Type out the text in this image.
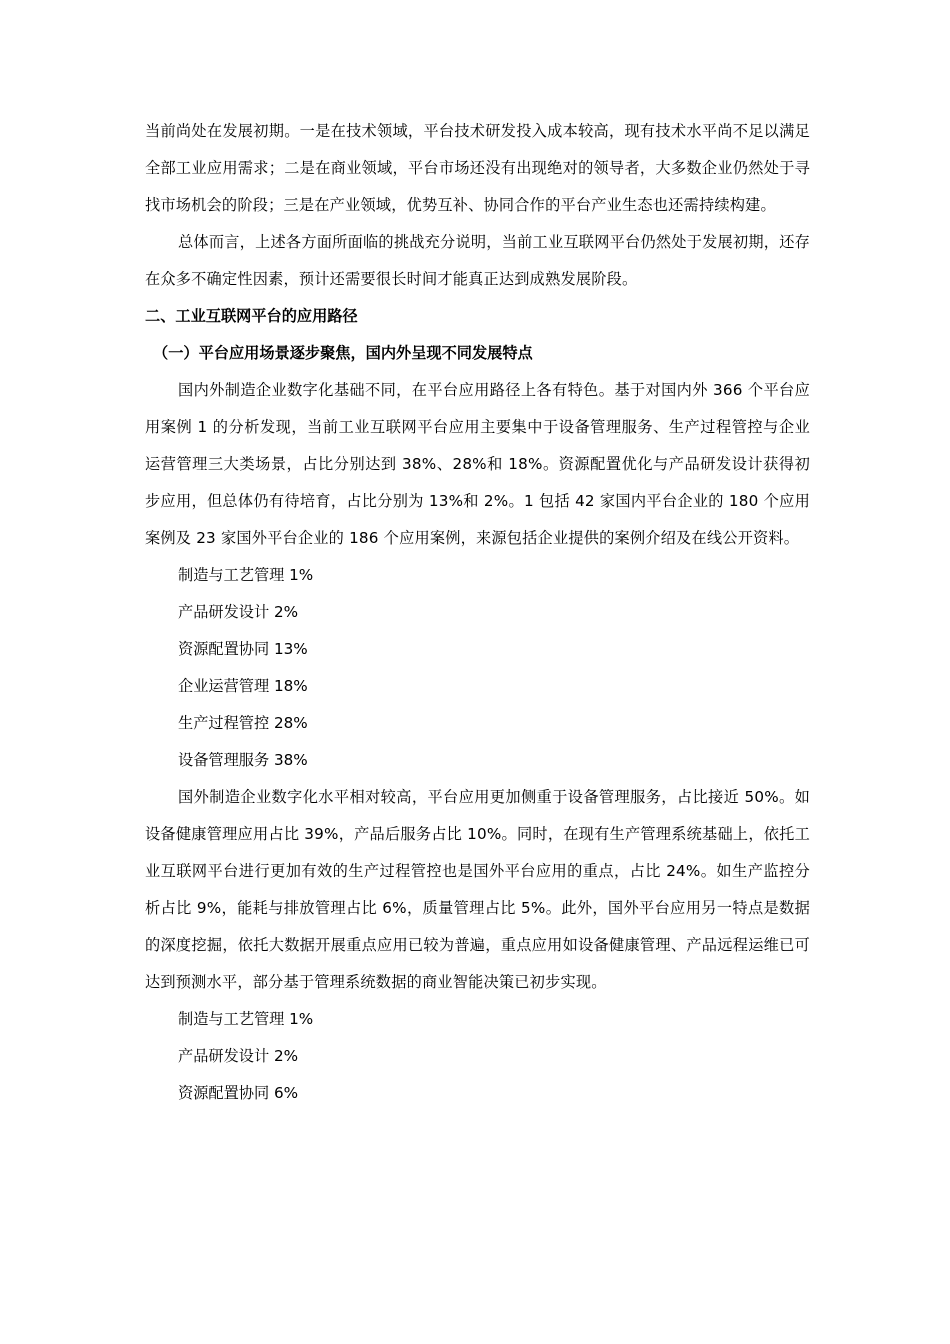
当前尚处在发展初期。一是在技术领域，平台技术研发投入成本较高，现有技术水平尚不足以满足全部工业应用需求；二是在商业领域，平台市场还没有出现绝对的领导者，大多数企业仍然处于寻找市场机会的阶段；三是在产业领域，优势互补、协同合作的平台产业生态也还需持续构建。

总体而言，上述各方面所面临的挑战充分说明，当前工业互联网平台仍然处于发展初期，还存在众多不确定性因素，预计还需要很长时间才能真正达到成熟发展阶段。

二、工业互联网平台的应用路径

（一）平台应用场景逐步聚焦，国内外呈现不同发展特点

国内外制造企业数字化基础不同，在平台应用路径上各有特色。基于对国内外 366 个平台应用案例 1 的分析发现，当前工业互联网平台应用主要集中于设备管理服务、生产过程管控与企业运营管理三大类场景，占比分别达到 38%、28%和 18%。资源配置优化与产品研发设计获得初步应用，但总体仍有待培育，占比分别为 13%和 2%。1 包括 42 家国内平台企业的 180 个应用案例及 23 家国外平台企业的 186 个应用案例，来源包括企业提供的案例介绍及在线公开资料。

制造与工艺管理 1%

产品研发设计 2%

资源配置协同 13%

企业运营管理 18%

生产过程管控 28%

设备管理服务 38%

国外制造企业数字化水平相对较高，平台应用更加侧重于设备管理服务，占比接近 50%。如设备健康管理应用占比 39%，产品后服务占比 10%。同时，在现有生产管理系统基础上，依托工业互联网平台进行更加有效的生产过程管控也是国外平台应用的重点，占比 24%。如生产监控分析占比 9%，能耗与排放管理占比 6%，质量管理占比 5%。此外，国外平台应用另一特点是数据的深度挖掘，依托大数据开展重点应用已较为普遍，重点应用如设备健康管理、产品远程运维已可达到预测水平，部分基于管理系统数据的商业智能决策已初步实现。

制造与工艺管理 1%

产品研发设计 2%

资源配置协同 6%
